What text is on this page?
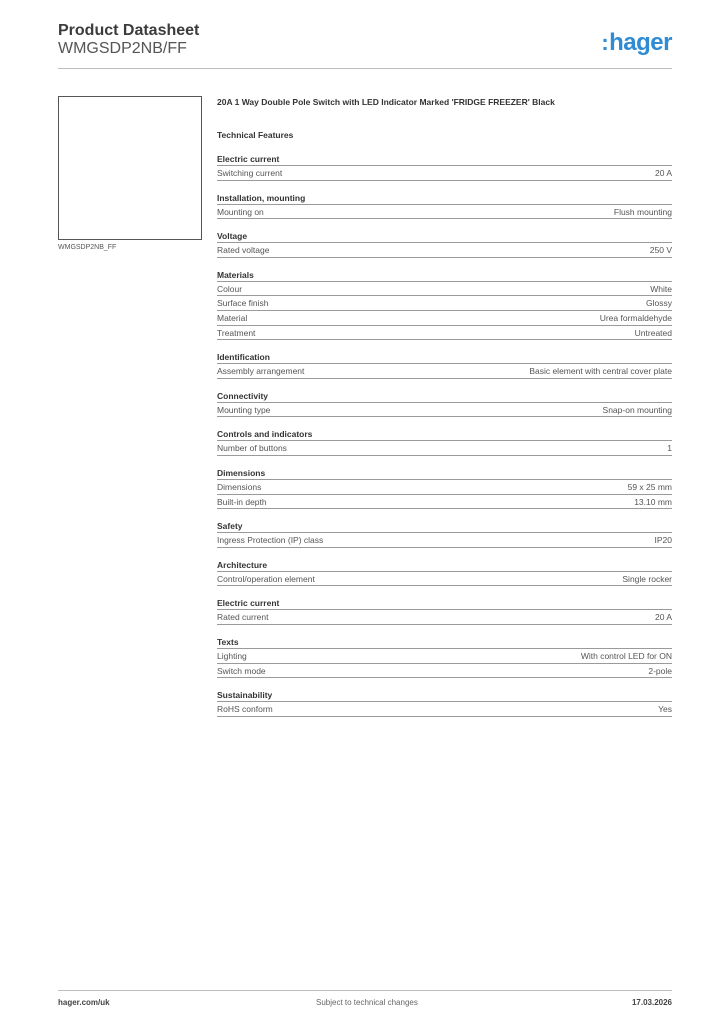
Product Datasheet
WMGSDP2NB/FF	:hager
WMGSDP2NB_FF
20A 1 Way Double Pole Switch with LED Indicator Marked 'FRIDGE FREEZER' Black
Technical Features
Electric current
Switching current	20 A
Installation, mounting
Mounting on	Flush mounting
Voltage
Rated voltage	250 V
Materials
Colour	White
Surface finish	Glossy
Material	Urea formaldehyde
Treatment	Untreated
Identification
Assembly arrangement	Basic element with central cover plate
Connectivity
Mounting type	Snap-on mounting
Controls and indicators
Number of buttons	1
Dimensions
Dimensions	59 x 25 mm
Built-in depth	13.10 mm
Safety
Ingress Protection (IP) class	IP20
Architecture
Control/operation element	Single rocker
Electric current
Rated current	20 A
Texts
Lighting	With control LED for ON
Switch mode	2-pole
Sustainability
RoHS conform	Yes
hager.com/uk	Subject to technical changes	17.03.2026
